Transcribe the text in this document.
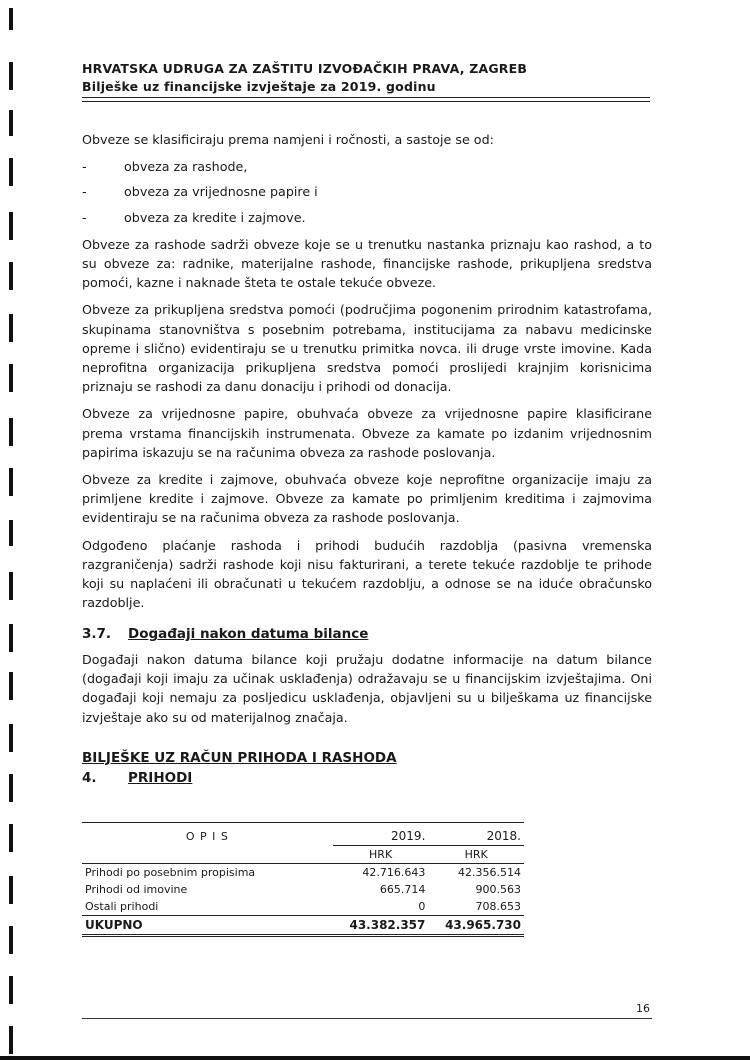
HRVATSKA UDRUGA ZA ZAŠTITU IZVOĐAČKIH PRAVA, ZAGREB
Bilješke uz financijske izvještaje za 2019. godinu

Obveze se klasificiraju prema namjeni i ročnosti, a sastoje se od:

-	obveza za rashode,
-	obveza za vrijednosne papire i
-	obveza za kredite i zajmove.

Obveze za rashode sadrži obveze koje se u trenutku nastanka priznaju kao rashod, a to su obveze za: radnike, materijalne rashode, financijske rashode, prikupljena sredstva pomoći, kazne i naknade šteta te ostale tekuće obveze.

Obveze za prikupljena sredstva pomoći (područjima pogonenim prirodnim katastrofama, skupinama stanovništva s posebnim potrebama, institucijama za nabavu medicinske opreme i slično) evidentiraju se u trenutku primitka novca. ili druge vrste imovine. Kada neprofitna organizacija prikupljena sredstva pomoći proslijedi krajnjim korisnicima priznaju se rashodi za danu donaciju i prihodi od donacija.

Obveze za vrijednosne papire, obuhvaća obveze za vrijednosne papire klasificirane prema vrstama financijskih instrumenata. Obveze za kamate po izdanim vrijednosnim papirima iskazuju se na računima obveza za rashode poslovanja.

Obveze za kredite i zajmove, obuhvaća obveze koje neprofitne organizacije imaju za primljene kredite i zajmove. Obveze za kamate po primljenim kreditima i zajmovima evidentiraju se na računima obveza za rashode poslovanja.

Odgođeno plaćanje rashoda i prihodi budućih razdoblja (pasivna vremenska razgraničenja) sadrži rashode koji nisu fakturirani, a terete tekuće razdoblje te prihode koji su naplaćeni ili obračunati u tekućem razdoblju, a odnose se na iduće obračunsko razdoblje.

3.7. Događaji nakon datuma bilance

Događaji nakon datuma bilance koji pružaju dodatne informacije na datum bilance (događaji koji imaju za učinak usklađenja) odražavaju se u financijskim izvještajima. Oni događaji koji nemaju za posljedicu usklađenja, objavljeni su u bilješkama uz financijske izvještaje ako su od materijalnog značaja.

BILJEŠKE UZ RAČUN PRIHODA I RASHODA
4. PRIHODI
O P I S	2019.	2018.
	HRK	HRK
Prihodi po posebnim propisima	42.716.643	42.356.514
Prihodi od imovine	665.714	900.563
Ostali prihodi	0	708.653
UKUPNO	43.382.357	43.965.730
16
